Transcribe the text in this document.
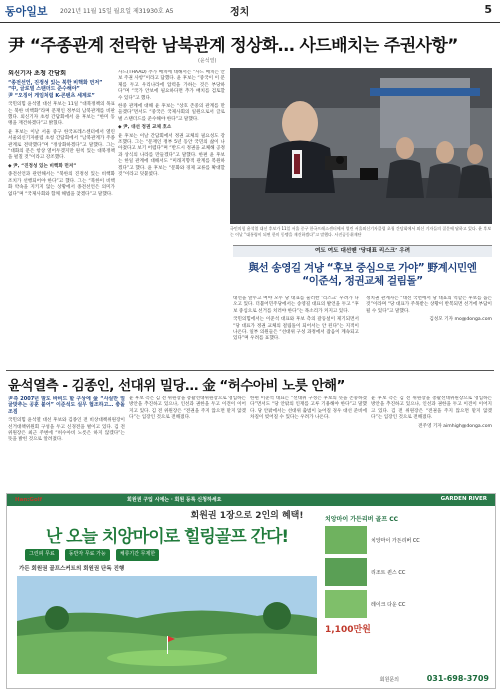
동아일보 2021년 11월 15일 월요일 제31930호 A5	정치	5
尹 “주종관계 전락한 남북관계 정상화… 사드배치는 주권사항”
(윤석열)
외신기자 초청 간담회
“종전선언, 진정성 있는 북한 비핵화 먼저”
“中, 글로벌 스탠더드 준수해야”
尹 “오징어 게임처럼 K-콘텐츠 세계로”

국민의힘 윤석열 대선 후보는 11일 “대북정책의 목표는 북한 비핵화”라며 문재인 정부의 남북관계를 비판했다. 외신기자 초청 간담회에서 윤 후보는 “한미 동맹을 재건하겠다”고 밝혔다.

윤 후보는 이날 서울 중구 한국프레스센터에서 열린 서울외신기자클럽 초청 간담회에서 “남북관계가 주종관계로 전락했다”며 “정상화하겠다”고 말했다. 그는 “대화의 문은 항상 열어두겠지만 원칙 있는 대북정책을 펼칠 것”이라고 강조했다.

◆ 尹, “진정성 있는 비핵화 먼저”

종전선언과 관련해서는 “북한의 진정성 있는 비핵화 조치가 선행되어야 한다”고 했다. 그는 “북한이 비핵화 약속을 지키지 않는 상황에서 종전선언은 의미가 없다”며 “국제사회와 함께 해법을 찾겠다”고 말했다.

사드(THAAD) 추가 배치에 대해서는 “사드 배치는 안보 주권 사항”이라고 답했다. 윤 후보는 “중국이 이 문제를 두고 우리나라에 압력을 가하는 것은 부당하다”며 “국가 안보에 필요하다면 추가 배치를 검토할 수 있다”고 했다.

한중 관계에 대해 윤 후보는 “상호 존중의 관계를 만들겠다”면서도 “중국은 국제사회의 일원으로서 글로벌 스탠더드를 준수해야 한다”고 말했다.

◆ 尹, 대선 정권 교체 호소

윤 후보는 이날 간담회에서 정권 교체의 필요성도 강조했다. 그는 “문재인 정부 5년 동안 국민의 삶이 나아졌다고 보기 어렵다”며 “반드시 정권을 교체해 공정과 상식의 나라를 만들겠다”고 말했다. 한편 윤 후보는 한일 관계에 대해서도 “미래지향적 관계를 복원하겠다”고 했다. 윤 후보는 “문화와 경제 교류를 확대할 것”이라고 덧붙였다.

국민의힘 윤석열 대선 후보가 11일 서울 중구 한국프레스센터에서 열린 서울외신기자클럽 초청 간담회에서 외신 기자들의 질문에 답하고 있다. 윤 후보는 이날 “대통령이 되면 한미 동맹을 재건하겠다”고 말했다. 사진공동취재단
여도 여도 대선땐 ‘당대표 리스크’ 우려
與선 송영길 겨냥 “후보 중심으로 가야” 野계시민엔 “이준석, 정권교체 걸림돌”

대선을 앞두고 여야 모두 당 대표를 둘러싼 ‘리스크’ 우려가 나오고 있다. 더불어민주당에서는 송영길 대표의 발언을 두고 “후보 중심으로 선거를 치러야 한다”는 목소리가 커지고 있다.

국민의힘에서는 이준석 대표와 후보 측의 갈등설이 제기되면서 “당 대표가 정권 교체의 걸림돌이 되어서는 안 된다”는 지적이 나온다. 일부 의원들은 “선대위 구성 과정에서 잡음이 계속되고 있다”며 우려를 표했다.

정치권 관계자는 “대선 국면에서 당 대표의 역할은 후보를 돕는 것”이라며 “당 대표가 주목받는 상황이 반복되면 선거에 부담이 될 수 있다”고 말했다.

김성모 기자 mo@donga.com

윤석열측 - 김종인, 선대위 밀당… 金 “허수아비 노릇 안해”

尹측 2007년 말도 바비드 할 구상에 金 “사실만 얼굴맞추는 공훈 붙어” 이준석도 실무 협조하고… 충돌 조짐

국민의힘 윤석열 대선 후보와 김종인 전 비상대책위원장이 선거대책위원회 구성을 두고 신경전을 벌이고 있다. 김 전 위원장은 최근 주변에 “허수아비 노릇은 하지 않겠다”는 뜻을 밝힌 것으로 알려졌다.

윤 후보 측은 김 전 위원장을 총괄선대위원장으로 영입하는 방안을 추진하고 있으나, 인선과 권한을 두고 이견이 이어지고 있다. 김 전 위원장은 “전권을 주지 않으면 맡지 않겠다”는 입장인 것으로 전해졌다.

한편 이준석 대표는 “선대위 구성은 후보의 뜻을 존중하겠다”면서도 “당 안팎의 인재를 고루 기용해야 한다”고 말했다. 당 안팎에서는 선대위 출범이 늦어질 경우 대선 준비에 차질이 빚어질 수 있다는 우려가 나온다.

윤 후보 측은 김 전 위원장을 총괄선대위원장으로 영입하는 방안을 추진하고 있으나, 인선과 권한을 두고 이견이 이어지고 있다. 김 전 위원장은 “전권을 주지 않으면 맡지 않겠다”는 입장인 것으로 전해졌다.

전주영 기자 aimhigh@donga.com

Han:Golf	회원권 구입 시에는 · 회원 등록 신청하세요	GARDEN RIVER
회원권 1장으로 2인의 혜택!
난 오늘 치앙마이로 힐링골프 간다!
그린피 무료	동반자 무료 가능	체류기간 무제한
가든 회원권 골프스커트의 회원권 단독 진행
치앙마이 가든리버 골프 CC
치앙마이 가든리버 CC
리조트 퀸스 CC
레이크 다운 CC
1,100만원
회원문의	031-698-3709
